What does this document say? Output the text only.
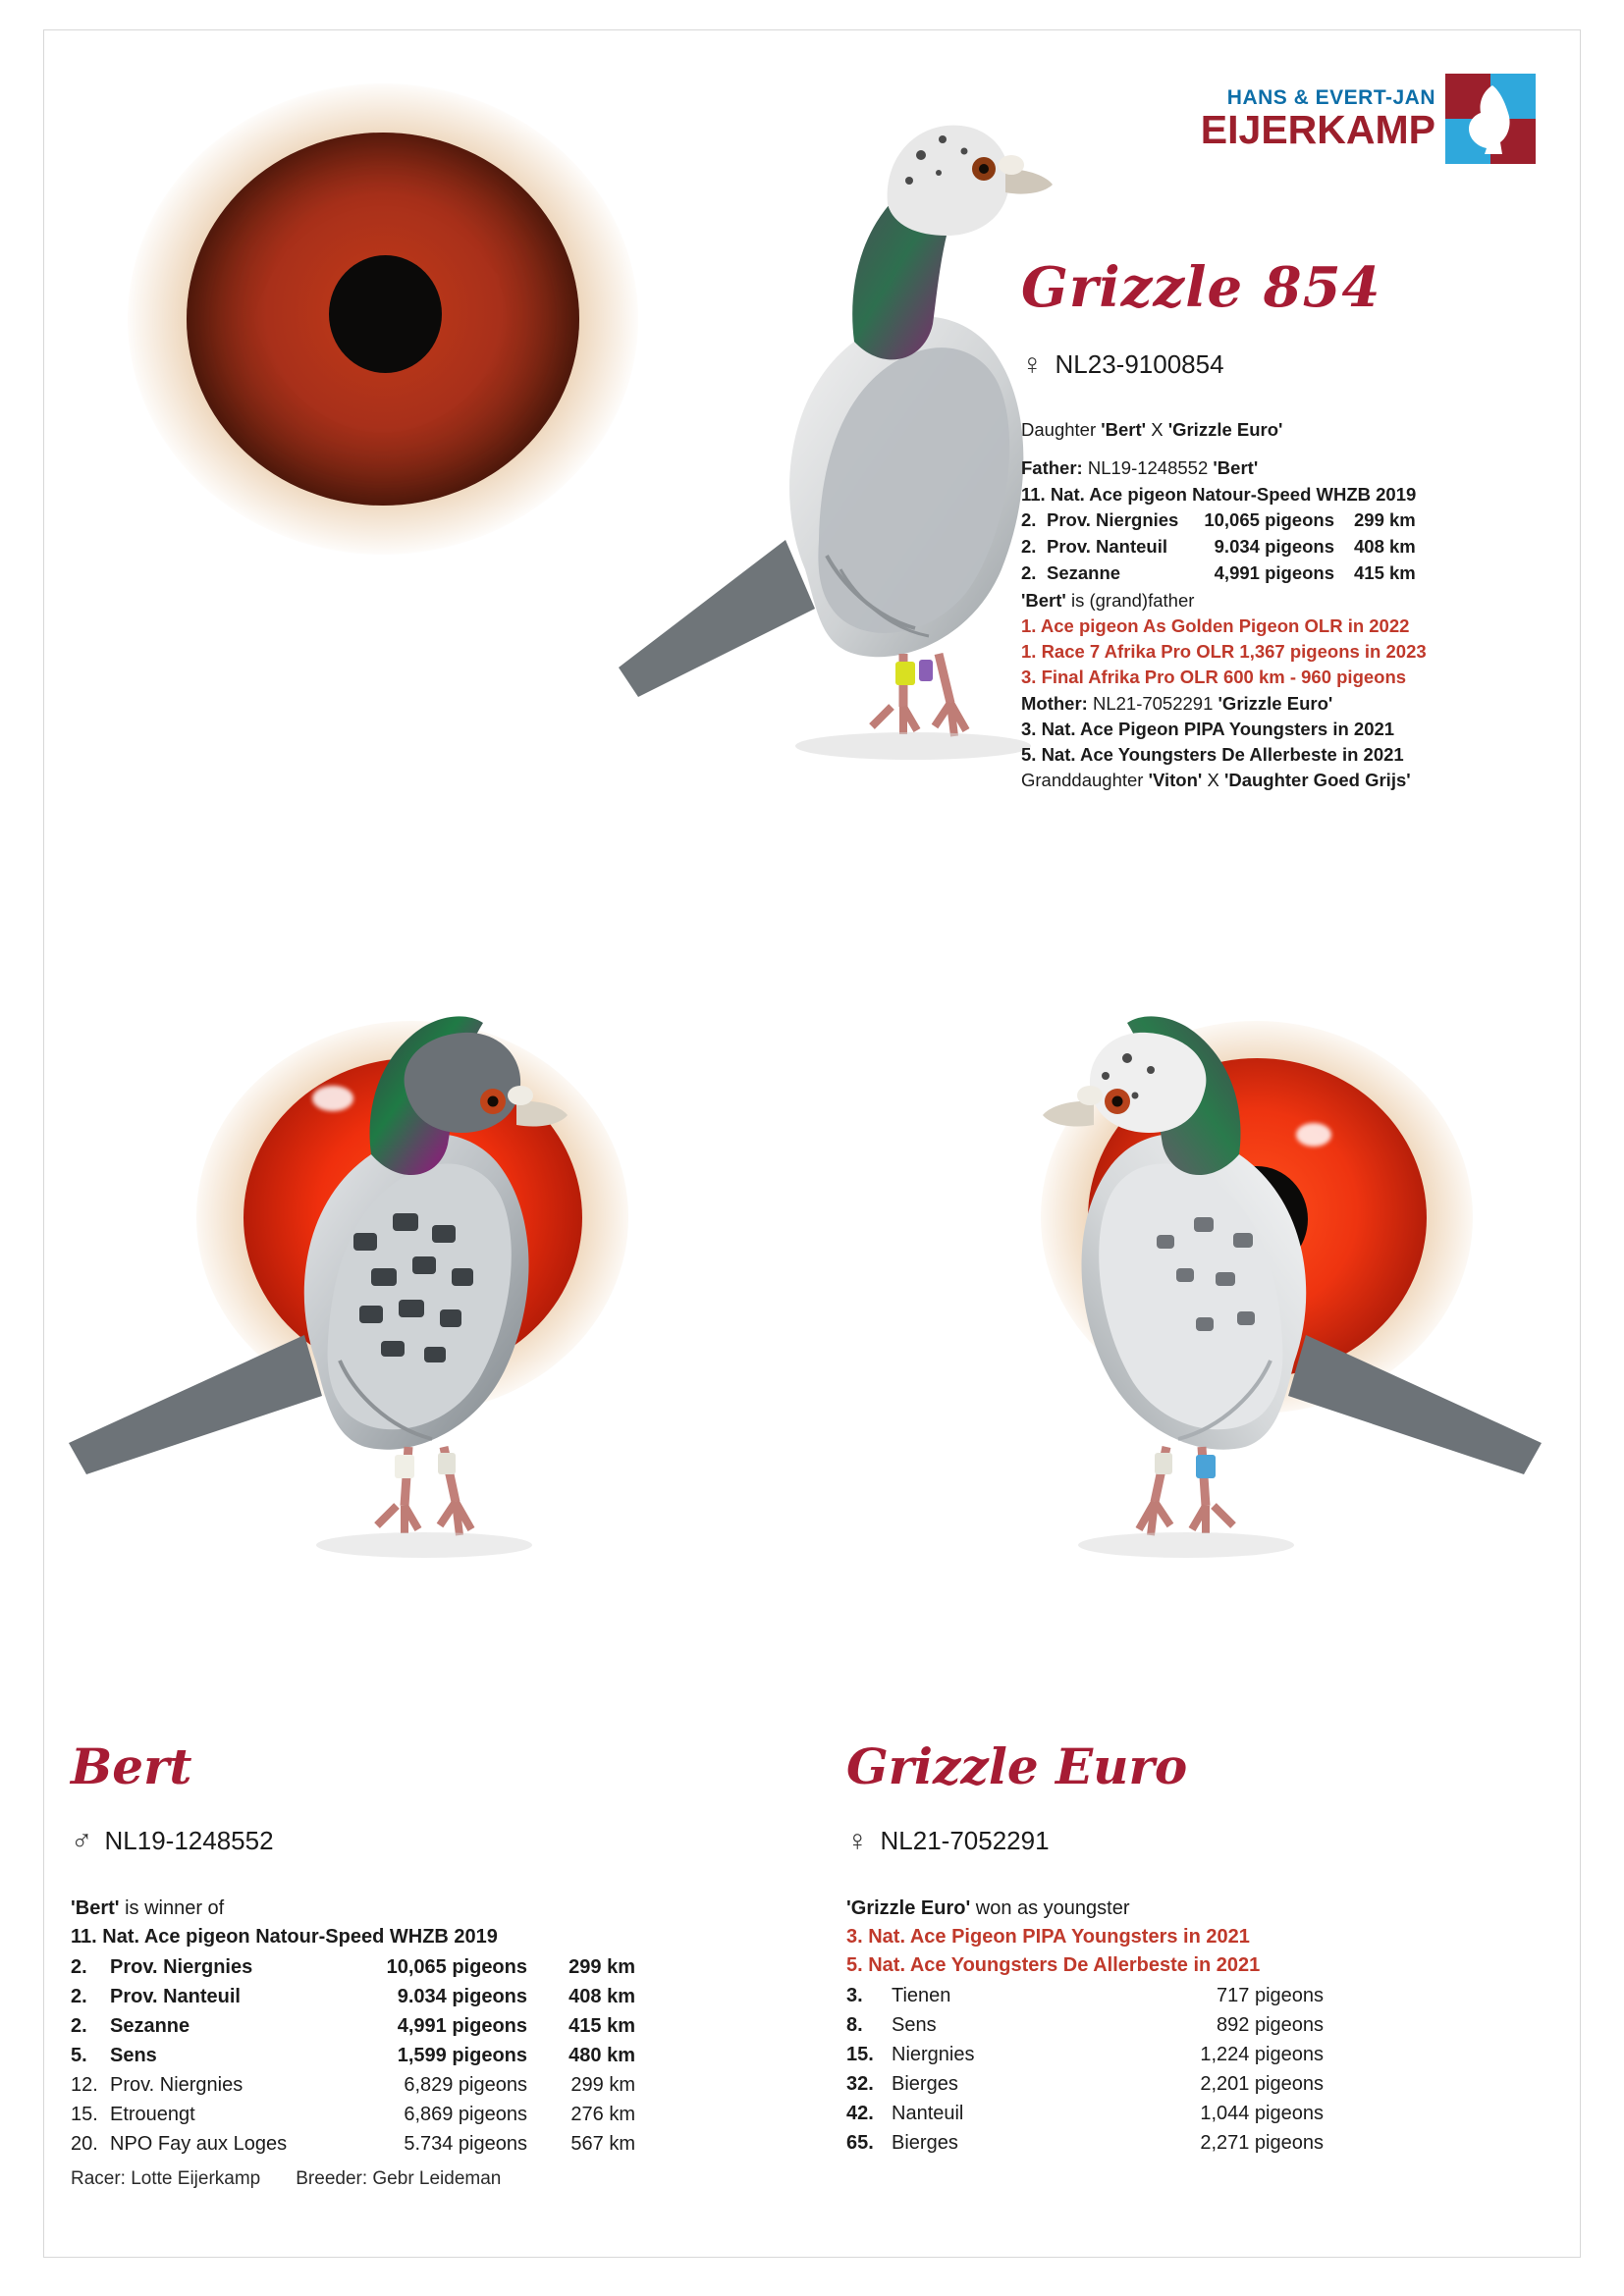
HANS & EVERT-JAN
EIJERKAMP
Grizzle 854
♀ NL23-9100854
Daughter 'Bert' X 'Grizzle Euro'
Father: NL19-1248552 'Bert'
11. Nat. Ace pigeon Natour-Speed WHZB 2019
2.	Prov. Niergnies	10,065 pigeons	299 km
2.	Prov. Nanteuil	9.034 pigeons	408 km
2.	Sezanne	4,991 pigeons	415 km
'Bert' is (grand)father
1. Ace pigeon As Golden Pigeon OLR in 2022
1. Race 7 Afrika Pro OLR 1,367 pigeons in 2023
3. Final Afrika Pro OLR 600 km - 960 pigeons
Mother: NL21-7052291 'Grizzle Euro'
3. Nat. Ace Pigeon PIPA Youngsters in 2021
5. Nat. Ace Youngsters De Allerbeste in 2021
Granddaughter 'Viton' X 'Daughter Goed Grijs'
Bert
♂ NL19-1248552
'Bert' is winner of
11. Nat. Ace pigeon Natour-Speed WHZB 2019
2.	Prov. Niergnies	10,065 pigeons	299 km
2.	Prov. Nanteuil	9.034 pigeons	408 km
2.	Sezanne	4,991 pigeons	415 km
5.	Sens	1,599 pigeons	480 km
12.	Prov. Niergnies	6,829 pigeons	299 km
15.	Etrouengt	6,869 pigeons	276 km
20.	NPO Fay aux Loges	5.734 pigeons	567 km
Racer: Lotte Eijerkamp Breeder: Gebr Leideman
Grizzle Euro
♀ NL21-7052291
'Grizzle Euro' won as youngster
3. Nat. Ace Pigeon PIPA Youngsters in 2021
5. Nat. Ace Youngsters De Allerbeste in 2021
3.	Tienen	717 pigeons
8.	Sens	892 pigeons
15.	Niergnies	1,224 pigeons
32.	Bierges	2,201 pigeons
42.	Nanteuil	1,044 pigeons
65.	Bierges	2,271 pigeons
